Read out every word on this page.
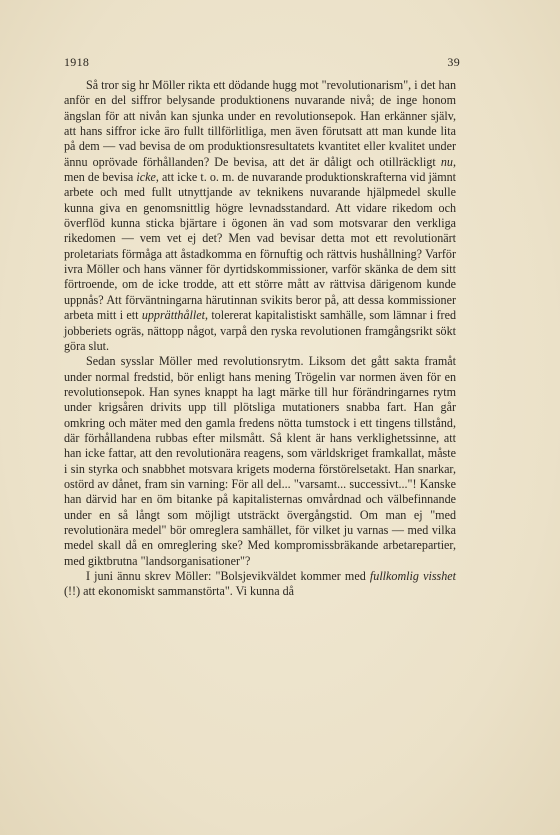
1918	39

Så tror sig hr Möller rikta ett dödande hugg mot "revolutionarism", i det han anför en del siffror belysande produktionens nuvarande nivå; de inge honom ängslan för att nivån kan sjunka under en revolutionsepok. Han erkänner själv, att hans siffror icke äro fullt tillförlitliga, men även förutsatt att man kunde lita på dem — vad bevisa de om produktionsresultatets kvantitet eller kvalitet under ännu oprövade förhållanden? De bevisa, att det är dåligt och otillräckligt nu, men de bevisa icke, att icke t. o. m. de nuvarande produktionskrafterna vid jämnt arbete och med fullt utnyttjande av teknikens nuvarande hjälpmedel skulle kunna giva en genomsnittlig högre levnadsstandard. Att vidare rikedom och överflöd kunna sticka bjärtare i ögonen än vad som motsvarar den verkliga rikedomen — vem vet ej det? Men vad bevisar detta mot ett revolutionärt proletariats förmåga att åstadkomma en förnuftig och rättvis hushållning? Varför ivra Möller och hans vänner för dyrtidskommissioner, varför skänka de dem sitt förtroende, om de icke trodde, att ett större mått av rättvisa därigenom kunde uppnås? Att förväntningarna härutinnan svikits beror på, att dessa kommissioner arbeta mitt i ett upprätthållet, tolererat kapitalistiskt samhälle, som lämnar i fred jobberiets ogräs, nättopp något, varpå den ryska revolutionen framgångsrikt sökt göra slut.

Sedan sysslar Möller med revolutionsrytm. Liksom det gått sakta framåt under normal fredstid, bör enligt hans mening Trögelin var normen även för en revolutionsepok. Han synes knappt ha lagt märke till hur förändringarnes rytm under krigsåren drivits upp till plötsliga mutationers snabba fart. Han går omkring och mäter med den gamla fredens nötta tumstock i ett tingens tillstånd, där förhållandena rubbas efter milsmått. Så klent är hans verklighetssinne, att han icke fattar, att den revolutionära reagens, som världskriget framkallat, måste i sin styrka och snabbhet motsvara krigets moderna förstörelsetakt. Han snarkar, ostörd av dånet, fram sin varning: För all del... "varsamt... successivt..."! Kanske han därvid har en öm bitanke på kapitalisternas omvårdnad och välbefinnande under en så långt som möjligt utsträckt övergångstid. Om man ej "med revolutionära medel" bör omreglera samhället, för vilket ju varnas — med vilka medel skall då en omreglering ske? Med kompromissbräkande arbetarepartier, med giktbrutna "landsorganisationer"?

I juni ännu skrev Möller: "Bolsjevikväldet kommer med fullkomlig visshet (!!) att ekonomiskt sammanstörta". Vi kunna då
